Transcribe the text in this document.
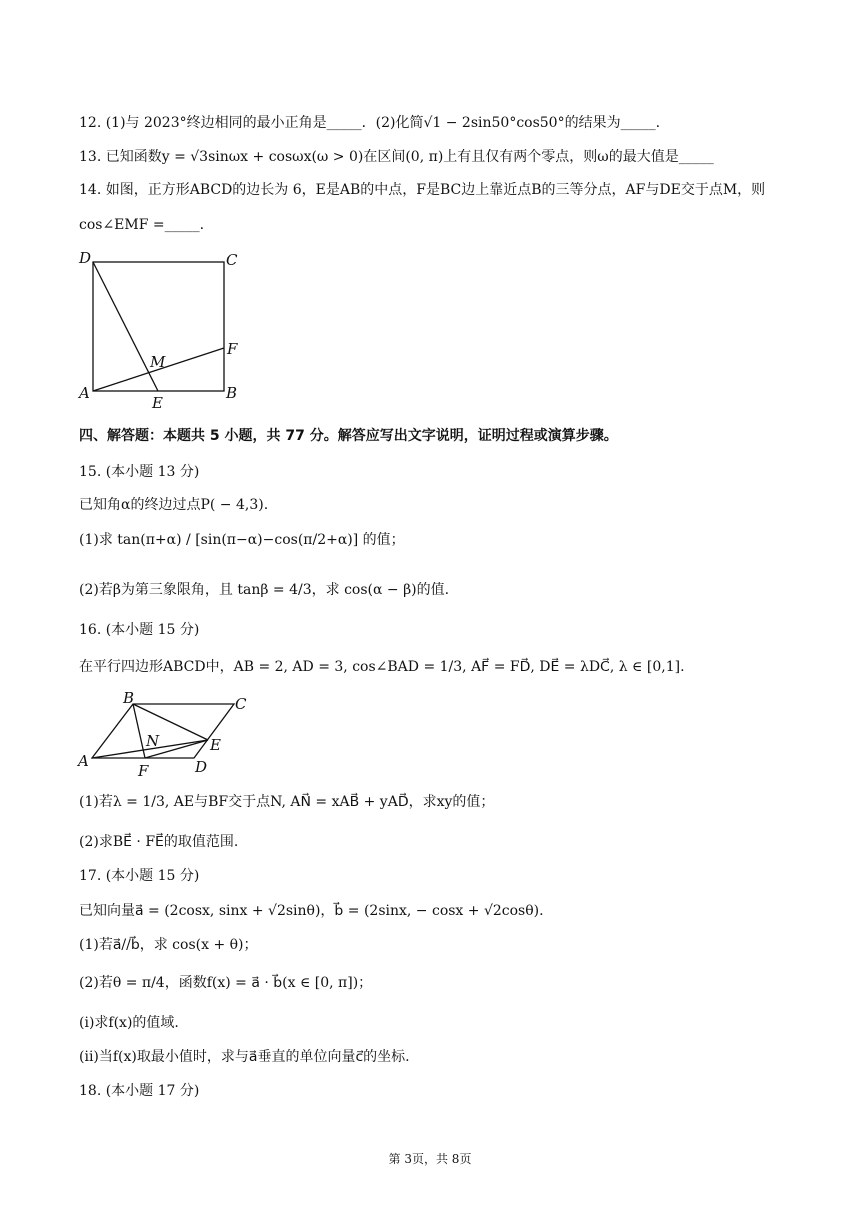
12. (1)与 2023°终边相同的最小正角是_____．(2)化简√1 − 2sin50°cos50°的结果为_____.
13. 已知函数y = √3sinωx + cosωx(ω > 0)在区间(0, π)上有且仅有两个零点，则ω的最大值是_____
14. 如图，正方形ABCD的边长为 6，E是AB的中点，F是BC边上靠近点B的三等分点，AF与DE交于点M，则
cos∠EMF =_____.
D	C
A	B
E
F
M
四、解答题：本题共 5 小题，共 77 分。解答应写出文字说明，证明过程或演算步骤。
15. (本小题 13 分)
已知角α的终边过点P( − 4,3).
(1)求 tan(π+α) / [sin(π−α)−cos(π/2+α)] 的值；
(2)若β为第三象限角，且 tanβ = 4/3，求 cos(α − β)的值.
16. (本小题 15 分)
在平行四边形ABCD中，AB = 2, AD = 3, cos∠BAD = 1/3, AF⃗ = FD⃗, DE⃗ = λDC⃗, λ ∈ [0,1].
B	C
A	D
E
F
N
(1)若λ = 1/3, AE与BF交于点N, AN⃗ = xAB⃗ + yAD⃗，求xy的值；
(2)求BE⃗ · FE⃗的取值范围.
17. (本小题 15 分)
已知向量a⃗ = (2cosx, sinx + √2sinθ)，b⃗ = (2sinx, − cosx + √2cosθ).
(1)若a⃗//b⃗，求 cos(x + θ)；
(2)若θ = π/4，函数f(x) = a⃗ · b⃗(x ∈ [0, π])；
(i)求f(x)的值域.
(ii)当f(x)取最小值时，求与a⃗垂直的单位向量c⃗的坐标.
18. (本小题 17 分)
第 3页，共 8页
